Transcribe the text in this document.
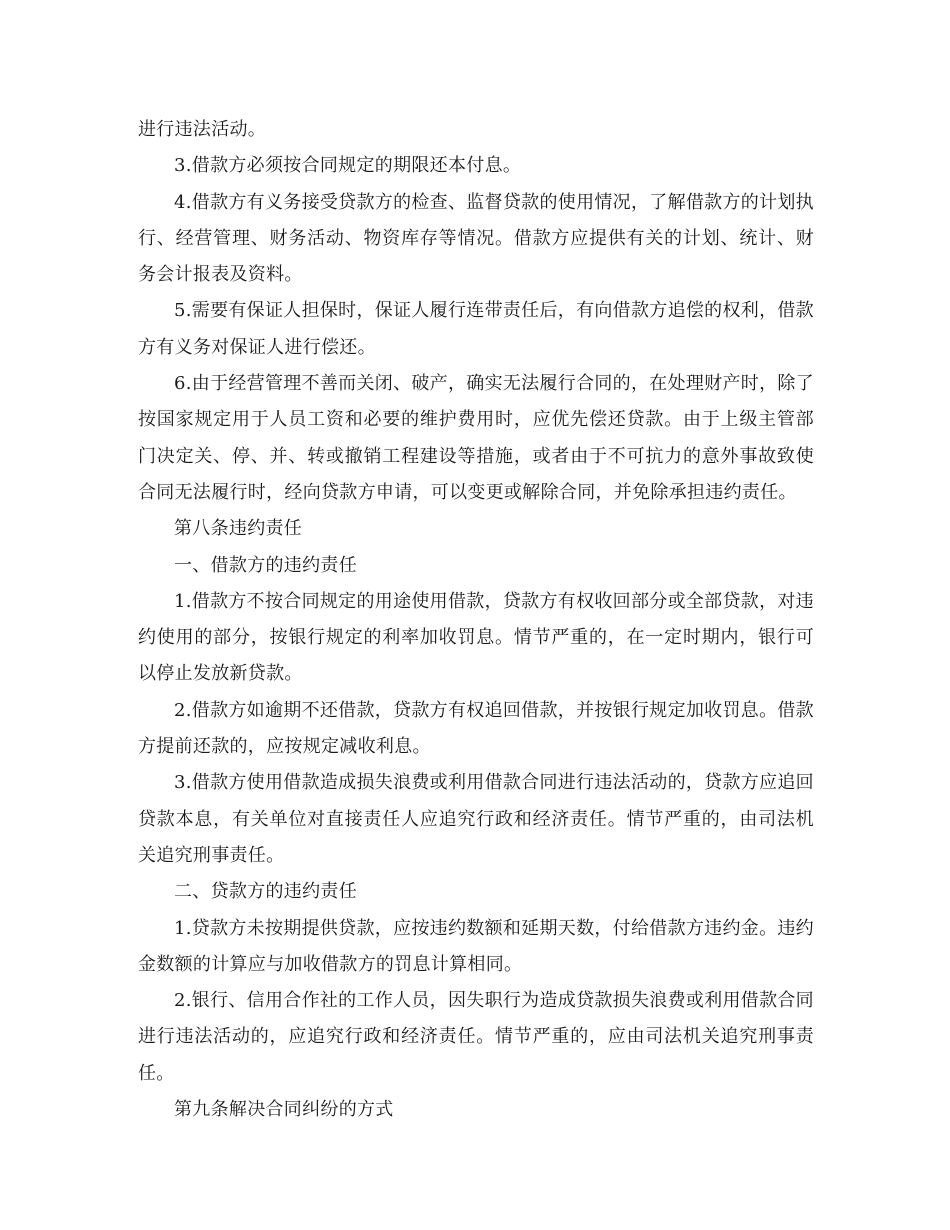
进行违法活动。

3.借款方必须按合同规定的期限还本付息。

4.借款方有义务接受贷款方的检查、监督贷款的使用情况，了解借款方的计划执行、经营管理、财务活动、物资库存等情况。借款方应提供有关的计划、统计、财务会计报表及资料。

5.需要有保证人担保时，保证人履行连带责任后，有向借款方追偿的权利，借款方有义务对保证人进行偿还。

6.由于经营管理不善而关闭、破产，确实无法履行合同的，在处理财产时，除了按国家规定用于人员工资和必要的维护费用时，应优先偿还贷款。由于上级主管部门决定关、停、并、转或撤销工程建设等措施，或者由于不可抗力的意外事故致使合同无法履行时，经向贷款方申请，可以变更或解除合同，并免除承担违约责任。

第八条违约责任

一、借款方的违约责任

1.借款方不按合同规定的用途使用借款，贷款方有权收回部分或全部贷款，对违约使用的部分，按银行规定的利率加收罚息。情节严重的，在一定时期内，银行可以停止发放新贷款。

2.借款方如逾期不还借款，贷款方有权追回借款，并按银行规定加收罚息。借款方提前还款的，应按规定减收利息。

3.借款方使用借款造成损失浪费或利用借款合同进行违法活动的，贷款方应追回贷款本息，有关单位对直接责任人应追究行政和经济责任。情节严重的，由司法机关追究刑事责任。

二、贷款方的违约责任

1.贷款方未按期提供贷款，应按违约数额和延期天数，付给借款方违约金。违约金数额的计算应与加收借款方的罚息计算相同。

2.银行、信用合作社的工作人员，因失职行为造成贷款损失浪费或利用借款合同进行违法活动的，应追究行政和经济责任。情节严重的，应由司法机关追究刑事责任。

第九条解决合同纠纷的方式
